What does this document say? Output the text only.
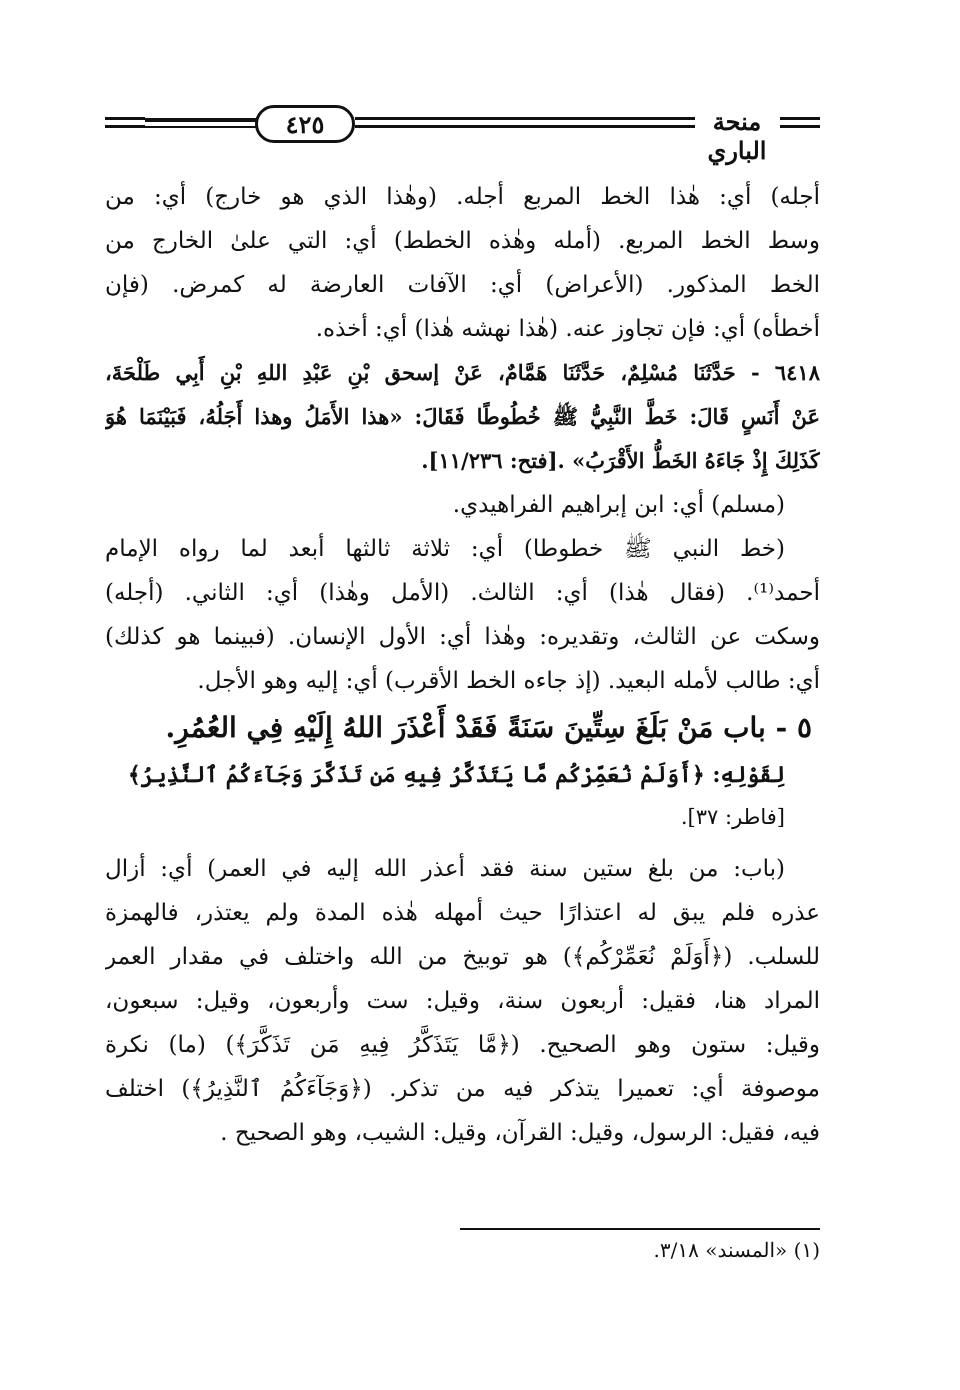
٤٢٥	منحة الباري
أجله) أي: هٰذا الخط المربع أجله. (وهٰذا الذي هو خارج) أي: من
وسط الخط المربع. (أمله وهٰذه الخطط) أي: التي علىٰ الخارج من
الخط المذكور. (الأعراض) أي: الآفات العارضة له كمرض. (فإن
أخطأه) أي: فإن تجاوز عنه. (هٰذا نهشه هٰذا) أي: أخذه.
٦٤١٨ - حَدَّثَنَا مُسْلِمٌ، حَدَّثَنَا هَمَّامٌ، عَنْ إسحق بْنِ عَبْدِ اللهِ بْنِ أَبِي طَلْحَةَ،
عَنْ أَنَسٍ قَالَ: خَطَّ النَّبِيُّ ﷺ خُطُوطًا فَقَالَ: «هذا الأَمَلُ وهذا أَجَلُهُ، فَبَيْنَمَا هُوَ
كَذَلِكَ إِذْ جَاءَهُ الخَطُّ الأَقْرَبُ» .[فتح: ١١/٢٣٦].
(مسلم) أي: ابن إبراهيم الفراهيدي.
(خط النبي ﷺ خطوطا) أي: ثلاثة ثالثها أبعد لما رواه الإمام
أحمد⁽¹⁾. (فقال هٰذا) أي: الثالث. (الأمل وهٰذا) أي: الثاني. (أجله)
وسكت عن الثالث، وتقديره: وهٰذا أي: الأول الإنسان. (فبينما هو كذلك)
أي: طالب لأمله البعيد. (إذ جاءه الخط الأقرب) أي: إليه وهو الأجل.
٥ - باب مَنْ بَلَغَ سِتِّينَ سَنَةً فَقَدْ أَعْذَرَ اللهُ إِلَيْهِ فِي العُمُرِ.
لِقَوْلِهِ: ﴿أَوَلَمْ نُعَمِّرْكُم مَّا يَتَذَكَّرُ فِيهِ مَن تَذَكَّرَ وَجَآءَكُمُ ٱلنَّذِيرُ﴾
[فاطر: ٣٧].
(باب: من بلغ ستين سنة فقد أعذر الله إليه في العمر) أي: أزال
عذره فلم يبق له اعتذارًا حيث أمهله هٰذه المدة ولم يعتذر، فالهمزة
للسلب. (﴿أَوَلَمْ نُعَمِّرْكُم﴾) هو توبيخ من الله واختلف في مقدار العمر
المراد هنا، فقيل: أربعون سنة، وقيل: ست وأربعون، وقيل: سبعون،
وقيل: ستون وهو الصحيح. (﴿مَّا يَتَذَكَّرُ فِيهِ مَن تَذَكَّرَ﴾) (ما) نكرة
موصوفة أي: تعميرا يتذكر فيه من تذكر. (﴿وَجَآءَكُمُ ٱلنَّذِيرُ﴾) اختلف
فيه، فقيل: الرسول، وقيل: القرآن، وقيل: الشيب، وهو الصحيح .
(١) «المسند» ٣/١٨.
